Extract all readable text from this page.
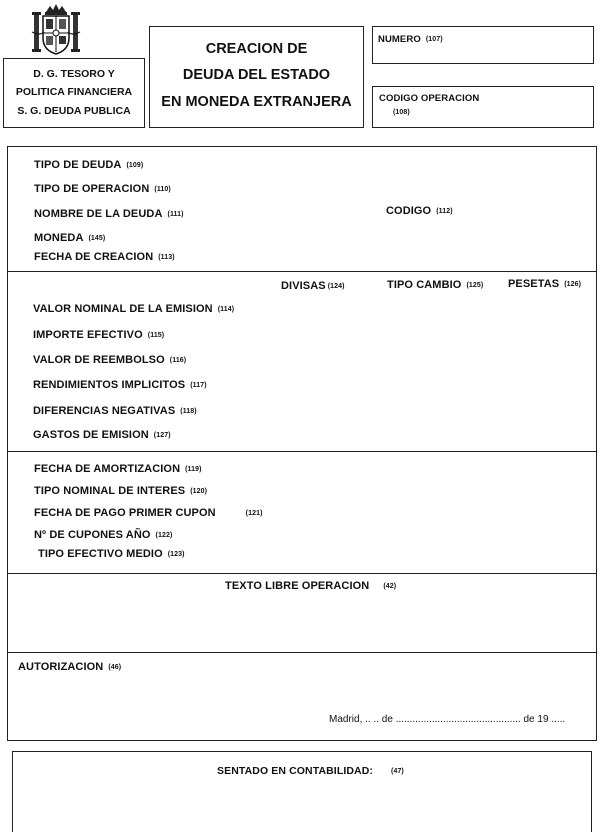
D. G. TESORO Y
POLITICA FINANCIERA
S. G. DEUDA PUBLICA
CREACION DE
DEUDA DEL ESTADO
EN MONEDA EXTRANJERA
NUMERO (107)
CODIGO OPERACION
(108)
TIPO DE DEUDA (109)
TIPO DE OPERACION (110)
NOMBRE DE LA DEUDA (111)	CODIGO (112)
MONEDA (145)
FECHA DE CREACION (113)
DIVISAS (124)	TIPO CAMBIO (125) PESETAS (126)
VALOR NOMINAL DE LA EMISION (114)
IMPORTE EFECTIVO (115)
VALOR DE REEMBOLSO (116)
RENDIMIENTOS IMPLICITOS (117)
DIFERENCIAS NEGATIVAS (118)
GASTOS DE EMISION (127)
FECHA DE AMORTIZACION (119)
TIPO NOMINAL DE INTERES (120)
FECHA DE PAGO PRIMER CUPON	(121)
Nº DE CUPONES AÑO (122)
TIPO EFECTIVO MEDIO (123)
TEXTO LIBRE OPERACION (42)
AUTORIZACION (46)
Madrid, .. .. de ............................................. de 19 .....
SENTADO EN CONTABILIDAD:	(47)
